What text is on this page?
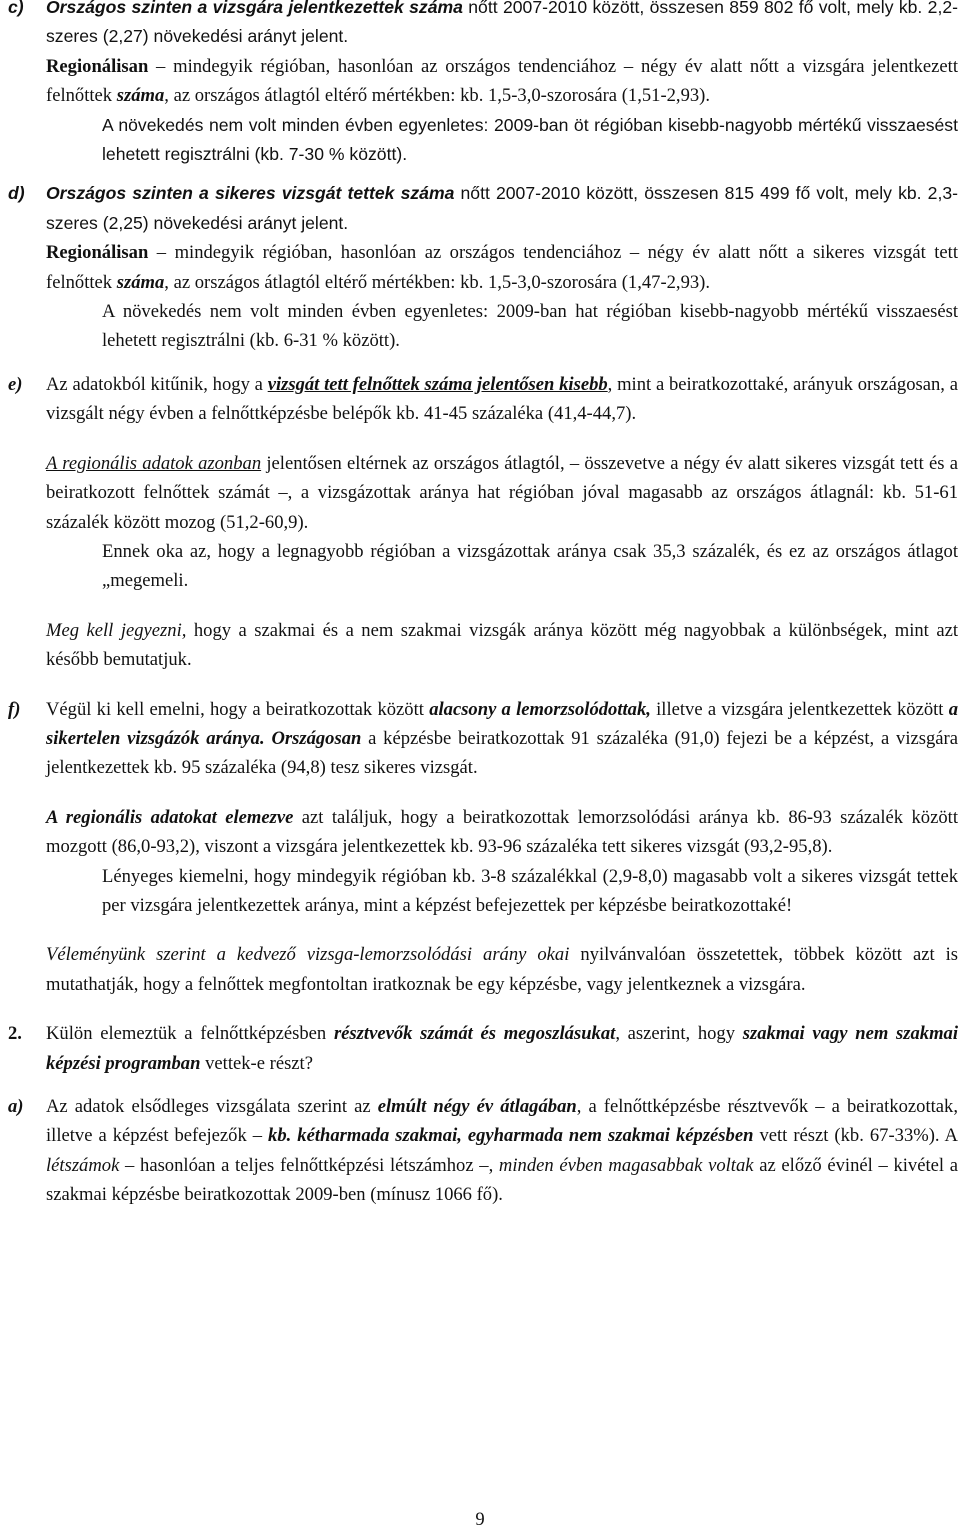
c) Országos szinten a vizsgára jelentkezettek száma nőtt 2007-2010 között, összesen 859 802 fő volt, mely kb. 2,2-szeres (2,27) növekedési arányt jelent.

Regionálisan – mindegyik régióban, hasonlóan az országos tendenciához – négy év alatt nőtt a vizsgára jelentkezett felnőttek száma, az országos átlagtól eltérő mértékben: kb. 1,5-3,0-szorosára (1,51-2,93).

A növekedés nem volt minden évben egyenletes: 2009-ban öt régióban kisebb-nagyobb mértékű visszaesést lehetett regisztrálni (kb. 7-30 % között).

d) Országos szinten a sikeres vizsgát tettek száma nőtt 2007-2010 között, összesen 815 499 fő volt, mely kb. 2,3-szeres (2,25) növekedési arányt jelent.

Regionálisan – mindegyik régióban, hasonlóan az országos tendenciához – négy év alatt nőtt a sikeres vizsgát tett felnőttek száma, az országos átlagtól eltérő mértékben: kb. 1,5-3,0-szorosára (1,47-2,93).

A növekedés nem volt minden évben egyenletes: 2009-ban hat régióban kisebb-nagyobb mértékű visszaesést lehetett regisztrálni (kb. 6-31 % között).

e) Az adatokból kitűnik, hogy a vizsgát tett felnőttek száma jelentősen kisebb, mint a beiratkozottaké, arányuk országosan, a vizsgált négy évben a felnőttképzésbe belépők kb. 41-45 százaléka (41,4-44,7).

A regionális adatok azonban jelentősen eltérnek az országos átlagtól, – összevetve a négy év alatt sikeres vizsgát tett és a beiratkozott felnőttek számát –, a vizsgázottak aránya hat régióban jóval magasabb az országos átlagnál: kb. 51-61 százalék között mozog (51,2-60,9).

Ennek oka az, hogy a legnagyobb régióban a vizsgázottak aránya csak 35,3 százalék, és ez az országos átlagot „megemeli.

Meg kell jegyezni, hogy a szakmai és a nem szakmai vizsgák aránya között még nagyobbak a különbségek, mint azt később bemutatjuk.

f) Végül ki kell emelni, hogy a beiratkozottak között alacsony a lemorzsolódottak, illetve a vizsgára jelentkezettek között a sikertelen vizsgázók aránya. Országosan a képzésbe beiratkozottak 91 százaléka (91,0) fejezi be a képzést, a vizsgára jelentkezettek kb. 95 százaléka (94,8) tesz sikeres vizsgát.

A regionális adatokat elemezve azt találjuk, hogy a beiratkozottak lemorzsolódási aránya kb. 86-93 százalék között mozgott (86,0-93,2), viszont a vizsgára jelentkezettek kb. 93-96 százaléka tett sikeres vizsgát (93,2-95,8).

Lényeges kiemelni, hogy mindegyik régióban kb. 3-8 százalékkal (2,9-8,0) magasabb volt a sikeres vizsgát tettek per vizsgára jelentkezettek aránya, mint a képzést befejezettek per képzésbe beiratkozottaké!

Véleményünk szerint a kedvező vizsga-lemorzsolódási arány okai nyilvánvalóan összetettek, többek között azt is mutathatják, hogy a felnőttek megfontoltan iratkoznak be egy képzésbe, vagy jelentkeznek a vizsgára.

2. Külön elemeztük a felnőttképzésben résztvevők számát és megoszlásukat, aszerint, hogy szakmai vagy nem szakmai képzési programban vettek-e részt?

a) Az adatok elsődleges vizsgálata szerint az elmúlt négy év átlagában, a felnőttképzésbe résztvevők – a beiratkozottak, illetve a képzést befejezők – kb. kétharmada szakmai, egyharmada nem szakmai képzésben vett részt (kb. 67-33%). A létszámok – hasonlóan a teljes felnőttképzési létszámhoz –, minden évben magasabbak voltak az előző évinél – kivétel a szakmai képzésbe beiratkozottak 2009-ben (mínusz 1066 fő).

9
